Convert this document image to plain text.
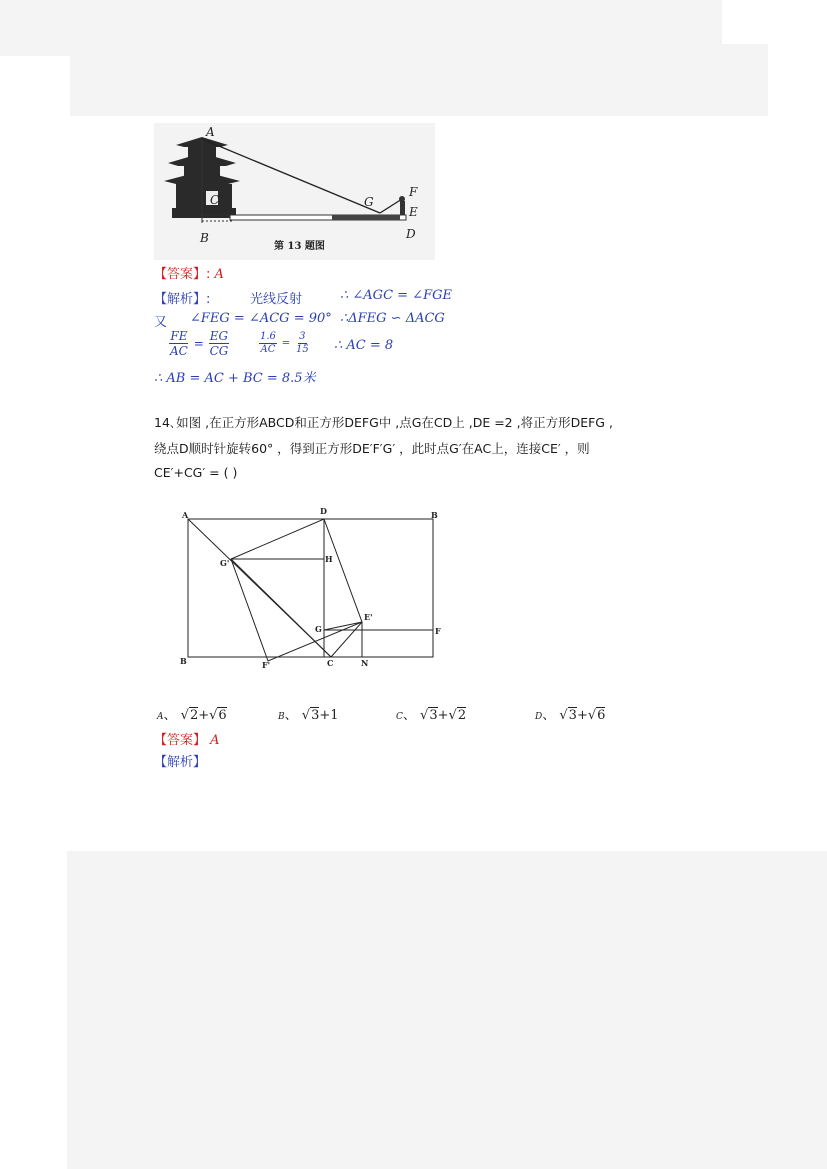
A
B
C
D
E
F
G
第 13 题图
【答案】: A
【解析】:	光线反射	∴ ∠AGC = ∠FGE
又 ∠FEG = ∠ACG = 90° ∴ΔFEG ∽ ΔACG
$\frac{FE}{AC} = \frac{EG}{CG}$
	$\frac{1.6}{AC} = \frac{3}{15}$ ∴ AC = 8
∴ AB = AC + BC = 8.5米
14､如图 ,在正方形ABCD和正方形DEFG中 ,点G在CD上 ,DE =2 ,将正方形DEFG ,
绕点D顺时针旋转60° ，得到正方形DE′F′G′ ，此时点G′在AC上，连接CE′ ，则
CE′+CG′ = ( )
A	D	B
B	C	N
G	F
H
E'
F'
G'
A、 √2+√6	B、 √3+1	C、 √3+√2	D、 √3+√6
【答案】 A
【解析】
